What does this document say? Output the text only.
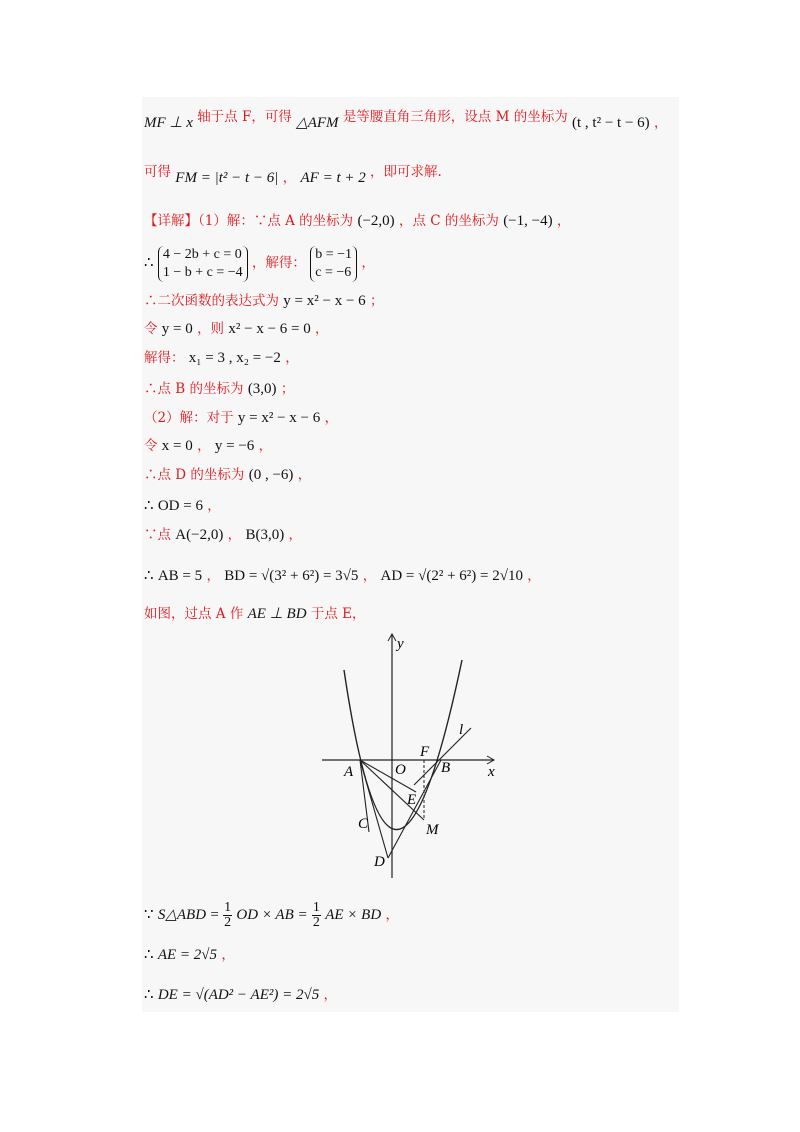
MF ⊥ x 轴于点 F，可得 △AFM 是等腰直角三角形，设点 M 的坐标为 (t , t² − t − 6) ，
可得 FM = |t² − t − 6| ， AF = t + 2 ，即可求解.
【详解】（1）解：∵点 A 的坐标为 (−2,0) ，点 C 的坐标为 (−1, −4) ，
∴
4 − 2b + c = 0
1 − b + c = −4
，解得：
b = −1
c = −6
，
∴二次函数的表达式为 y = x² − x − 6 ；
令 y = 0 ，则 x² − x − 6 = 0 ，
解得： x₁ = 3 , x₂ = −2 ，
∴点 B 的坐标为 (3,0) ；
（2）解：对于 y = x² − x − 6 ，
令 x = 0 ， y = −6 ，
∴点 D 的坐标为 (0 , −6) ，
∴ OD = 6 ，
∵点 A(−2,0) ， B(3,0) ，
∴ AB = 5 ， BD = √(3² + 6²) = 3√5 ， AD = √(2² + 6²) = 2√10 ，
如图，过点 A 作 AE ⊥ BD 于点 E，
y
x
l
F
A	O B
E
C	M
D
∵ S△ABD = $\frac{1}{2}$ OD × AB = $\frac{1}{2}$ AE × BD ，
∴ AE = 2√5 ，
∴ DE = √(AD² − AE²) = 2√5 ，
